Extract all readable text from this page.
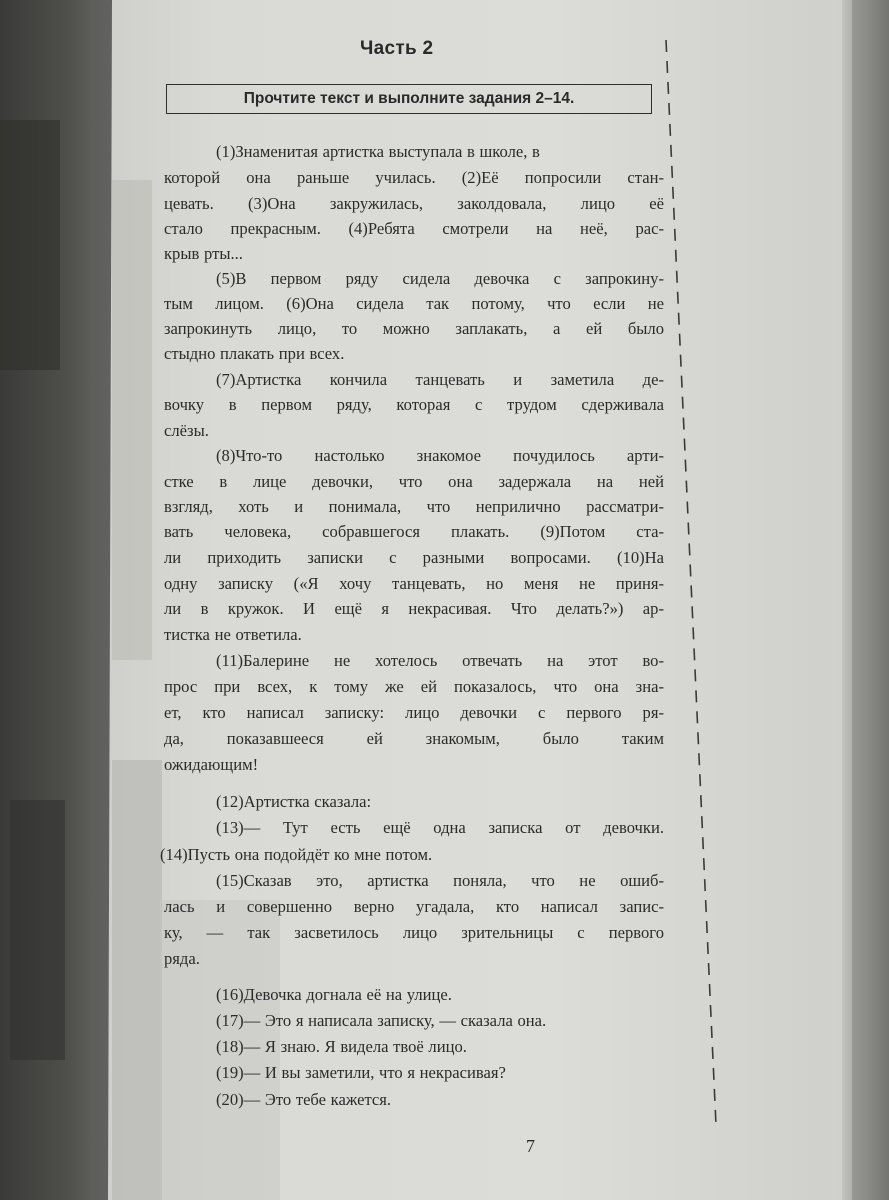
Часть 2
Прочтите текст и выполните задания 2–14.
(1)Знаменитая артистка выступала в школе, в
которой она раньше училась. (2)Её попросили стан-
цевать. (3)Она закружилась, заколдовала, лицо её
стало прекрасным. (4)Ребята смотрели на неё, рас-
крыв рты...
(5)В первом ряду сидела девочка с запрокину-
тым лицом. (6)Она сидела так потому, что если не
запрокинуть лицо, то можно заплакать, а ей было
стыдно плакать при всех.
(7)Артистка кончила танцевать и заметила де-
вочку в первом ряду, которая с трудом сдерживала
слёзы.
(8)Что-то настолько знакомое почудилось арти-
стке в лице девочки, что она задержала на ней
взгляд, хоть и понимала, что неприлично рассматри-
вать человека, собравшегося плакать. (9)Потом ста-
ли приходить записки с разными вопросами. (10)На
одну записку («Я хочу танцевать, но меня не приня-
ли в кружок. И ещё я некрасивая. Что делать?») ар-
тистка не ответила.
(11)Балерине не хотелось отвечать на этот во-
прос при всех, к тому же ей показалось, что она зна-
ет, кто написал записку: лицо девочки с первого ря-
да, показавшееся ей знакомым, было таким
ожидающим!
(12)Артистка сказала:
(13)— Тут есть ещё одна записка от девочки.
(14)Пусть она подойдёт ко мне потом.
(15)Сказав это, артистка поняла, что не ошиб-
лась и совершенно верно угадала, кто написал запис-
ку, — так засветилось лицо зрительницы с первого
ряда.
(16)Девочка догнала её на улице.
(17)— Это я написала записку, — сказала она.
(18)— Я знаю. Я видела твоё лицо.
(19)— И вы заметили, что я некрасивая?
(20)— Это тебе кажется.
7
